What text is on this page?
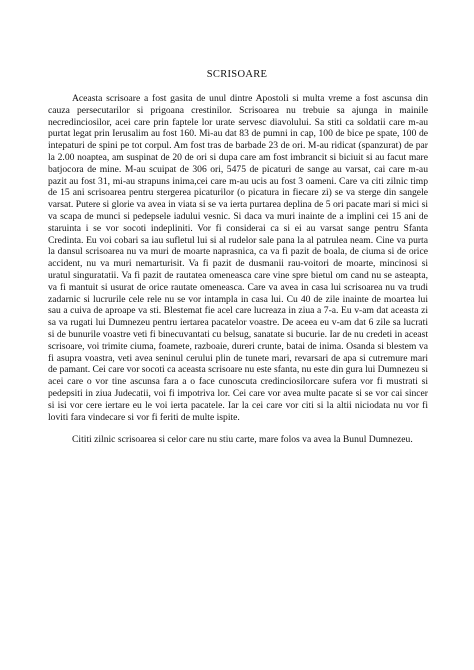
SCRISOARE

Aceasta scrisoare a fost gasita de unul dintre Apostoli si multa vreme a fost ascunsa din cauza persecutarilor si prigoana crestinilor. Scrisoarea nu trebuie sa ajunga in mainile necredinciosilor, acei care prin faptele lor urate servesc diavolului. Sa stiti ca soldatii care m-au purtat legat prin Ierusalim au fost 160. Mi-au dat 83 de pumni in cap, 100 de bice pe spate, 100 de intepaturi de spini pe tot corpul. Am fost tras de barbade 23 de ori. M-au ridicat (spanzurat) de par la 2.00 noaptea, am suspinat de 20 de ori si dupa care am fost imbrancit si biciuit si au facut mare batjocora de mine. M-au scuipat de 306 ori, 5475 de picaturi de sange au varsat, cai care m-au pazit au fost 31, mi-au strapuns inima,cei care m-au ucis au fost 3 oameni. Care va citi zilnic timp de 15 ani scrisoarea pentru stergerea picaturilor (o picatura in fiecare zi) se va sterge din sangele varsat. Putere si glorie va avea in viata si se va ierta purtarea deplina de 5 ori pacate mari si mici si va scapa de munci si pedepsele iadului vesnic. Si daca va muri inainte de a implini cei 15 ani de staruinta i se vor socoti indepliniti. Vor fi considerai ca si ei au varsat sange pentru Sfanta Credinta. Eu voi cobari sa iau sufletul lui si al rudelor sale pana la al patrulea neam. Cine va purta la dansul scrisoarea nu va muri de moarte naprasnica, ca va fi pazit de boala, de ciuma si de orice accident, nu va muri nemarturisit. Va fi pazit de dusmanii rau-voitori de moarte, mincinosi si uratul singuratatii. Va fi pazit de rautatea omeneasca care vine spre bietul om cand nu se asteapta, va fi mantuit si usurat de orice rautate omeneasca. Care va avea in casa lui scrisoarea nu va trudi zadarnic si lucrurile cele rele nu se vor intampla in casa lui. Cu 40 de zile inainte de moartea lui sau a cuiva de aproape va sti. Blestemat fie acel care lucreaza in ziua a 7-a. Eu v-am dat aceasta zi sa va rugati lui Dumnezeu pentru iertarea pacatelor voastre. De aceea eu v-am dat 6 zile sa lucrati si de bunurile voastre veti fi binecuvantati cu belsug, sanatate si bucurie. Iar de nu credeti in aceast scrisoare, voi trimite ciuma, foamete, razboaie, dureri crunte, batai de inima. Osanda si blestem va fi asupra voastra, veti avea seninul cerului plin de tunete mari, revarsari de apa si cutremure mari de pamant. Cei care vor socoti ca aceasta scrisoare nu este sfanta, nu este din gura lui Dumnezeu si acei care o vor tine ascunsa fara a o face cunoscuta credinciosilorcare sufera vor fi mustrati si pedepsiti in ziua Judecatii, voi fi impotriva lor. Cei care vor avea multe pacate si se vor cai sincer si isi vor cere iertare eu le voi ierta pacatele. Iar la cei care vor citi si la altii niciodata nu vor fi loviti fara vindecare si vor fi feriti de multe ispite.

Cititi zilnic scrisoarea si celor care nu stiu carte, mare folos va avea la Bunul Dumnezeu.
